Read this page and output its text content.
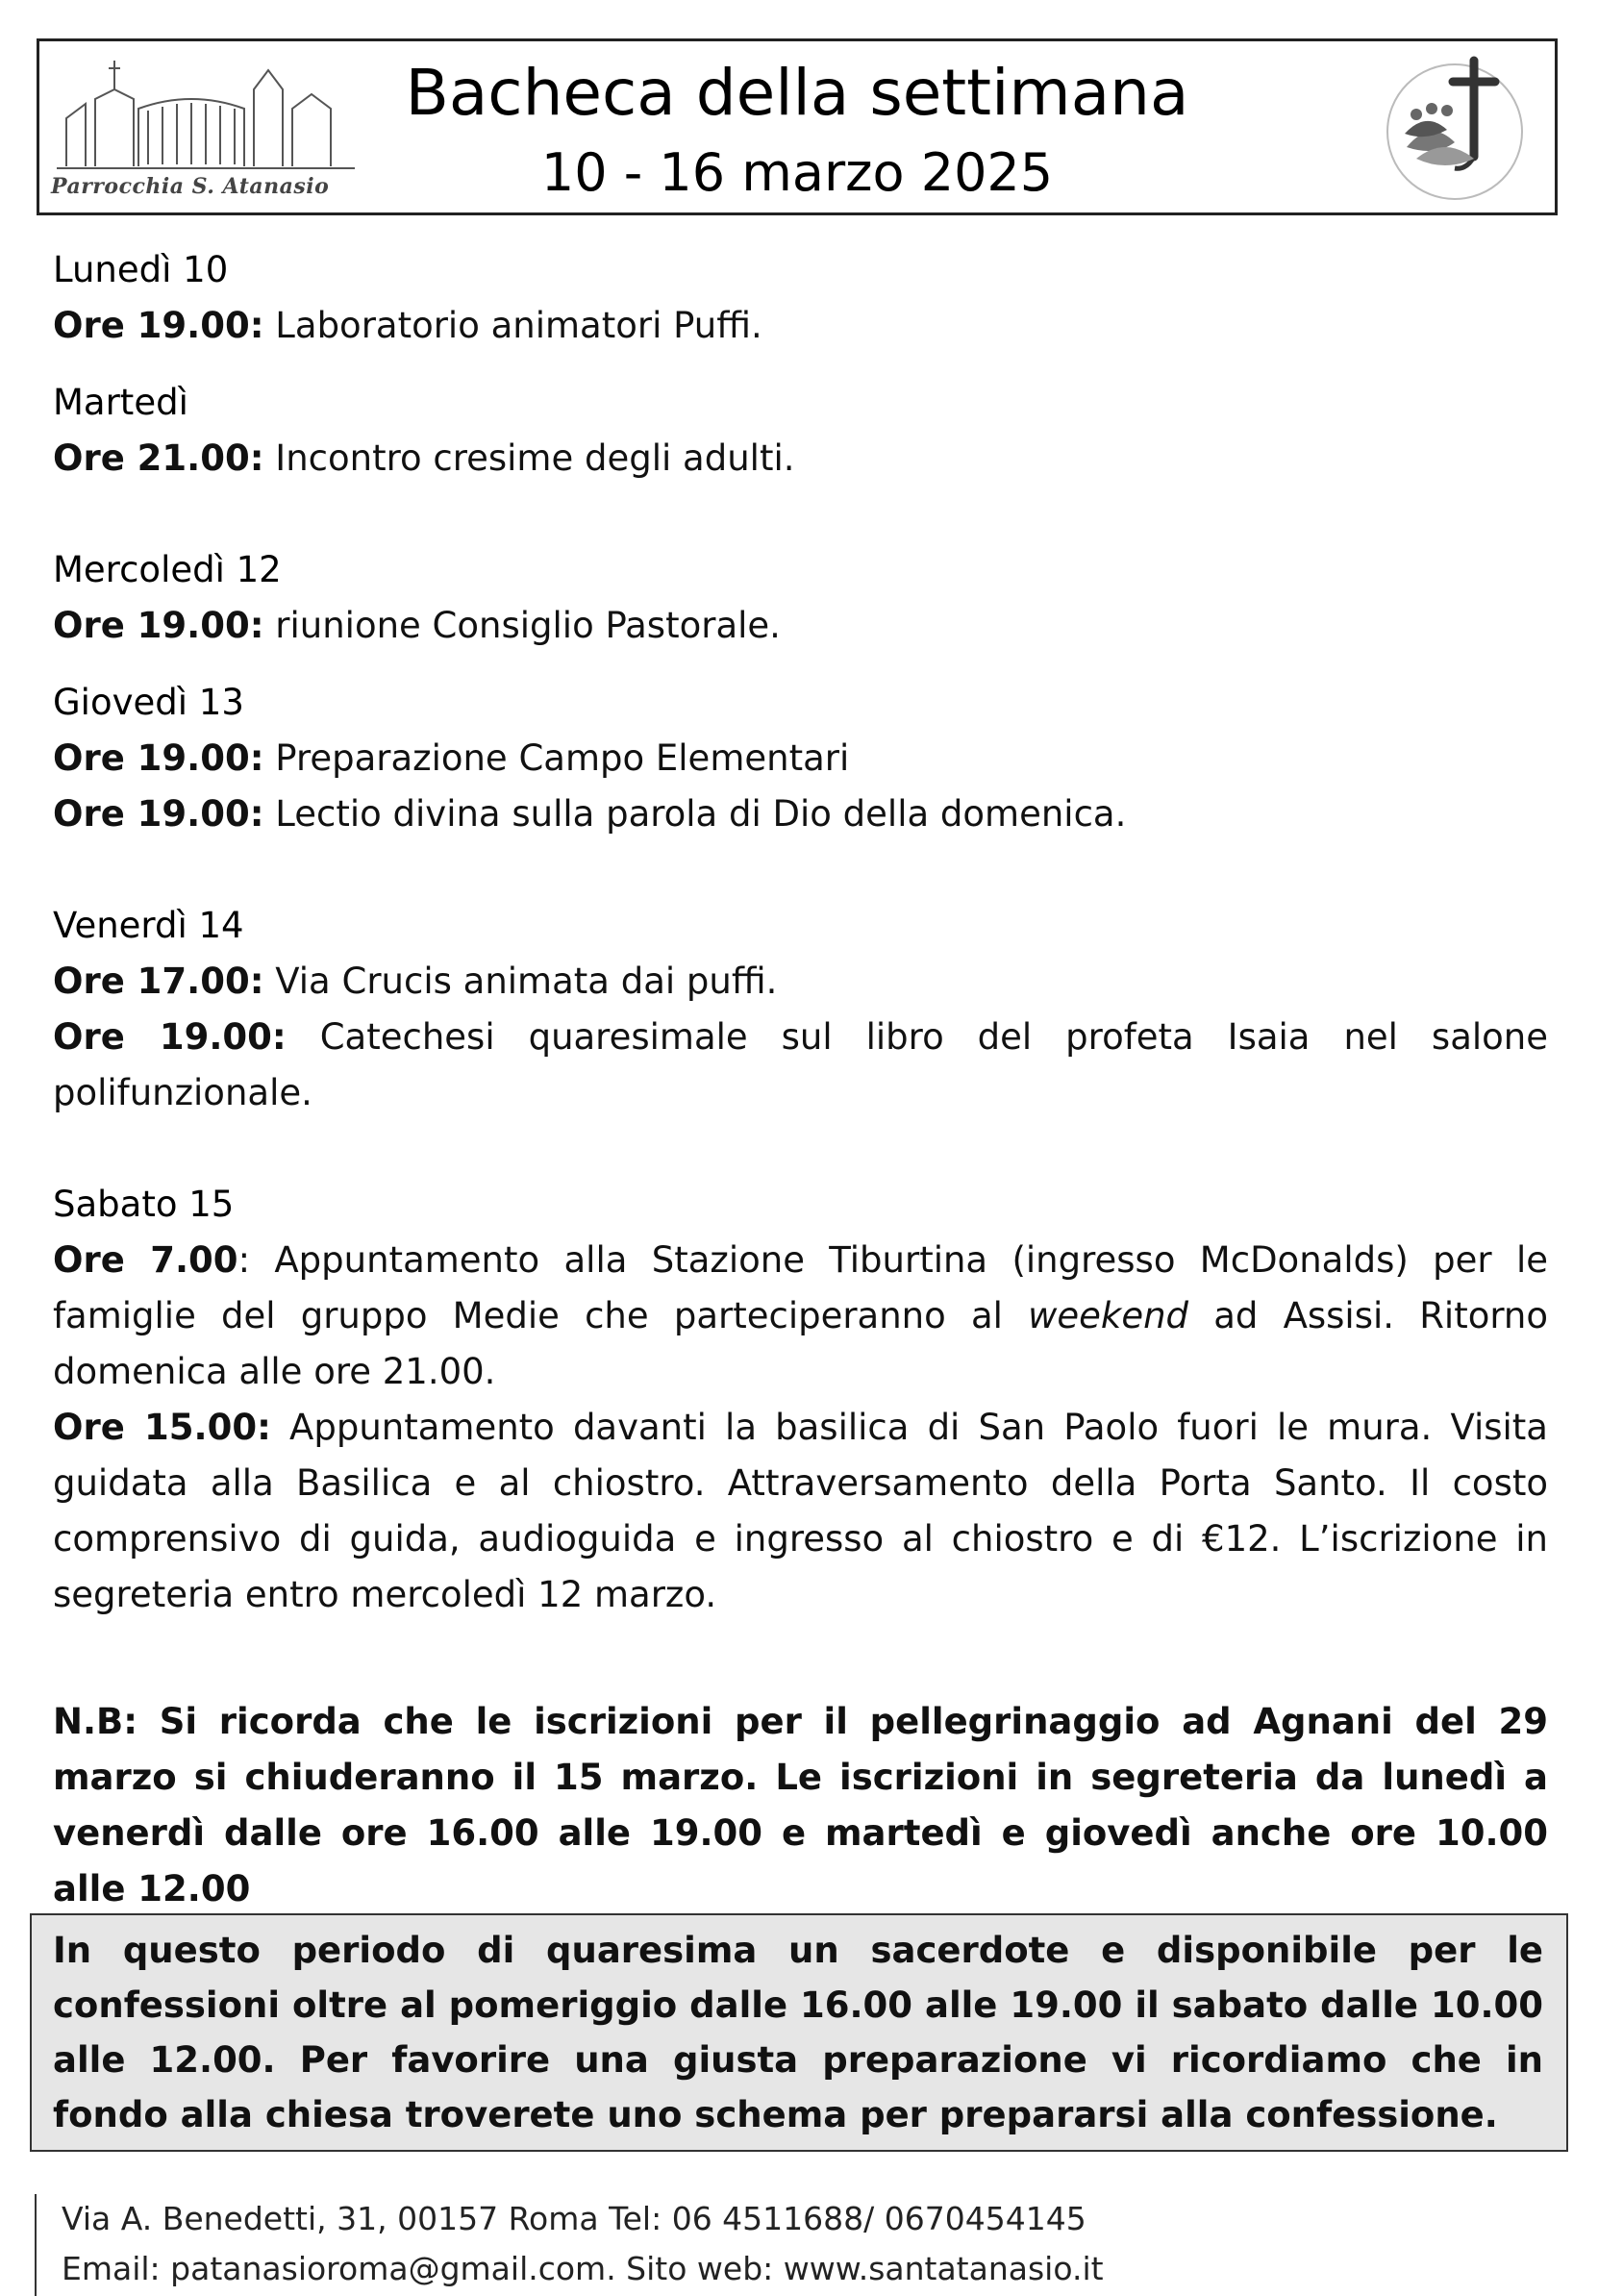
Parrocchia S. Atanasio
Bacheca della settimana
10 - 16 marzo 2025
Lunedì 10

Ore 19.00: Laboratorio animatori Puffi.

Martedì

Ore 21.00: Incontro cresime degli adulti.

Mercoledì 12

Ore 19.00: riunione Consiglio Pastorale.

Giovedì 13

Ore 19.00: Preparazione Campo Elementari

Ore 19.00: Lectio divina sulla parola di Dio della domenica.

Venerdì 14

Ore 17.00: Via Crucis animata dai puffi.

Ore 19.00: Catechesi quaresimale sul libro del profeta Isaia nel salone polifunzionale.

Sabato 15

Ore 7.00: Appuntamento alla Stazione Tiburtina (ingresso McDonalds) per le famiglie del gruppo Medie che parteciperanno al weekend ad Assisi. Ritorno domenica alle ore 21.00.

Ore 15.00: Appuntamento davanti la basilica di San Paolo fuori le mura. Visita guidata alla Basilica e al chiostro. Attraversamento della Porta Santo. Il costo comprensivo di guida, audioguida e ingresso al chiostro e di €12. L’iscrizione in segreteria entro mercoledì 12 marzo.

N.B: Si ricorda che le iscrizioni per il pellegrinaggio ad Agnani del 29 marzo si chiuderanno il 15 marzo. Le iscrizioni in segreteria da lunedì a venerdì dalle ore 16.00 alle 19.00 e martedì e giovedì anche ore 10.00 alle 12.00
In questo periodo di quaresima un sacerdote e disponibile per le confessioni oltre al pomeriggio dalle 16.00 alle 19.00 il sabato dalle 10.00 alle 12.00. Per favorire una giusta preparazione vi ricordiamo che in fondo alla chiesa troverete uno schema per prepararsi alla confessione.
Via A. Benedetti, 31, 00157 Roma Tel: 06 4511688/ 0670454145
Email: patanasioroma@gmail.com. Sito web: www.santatanasio.it
